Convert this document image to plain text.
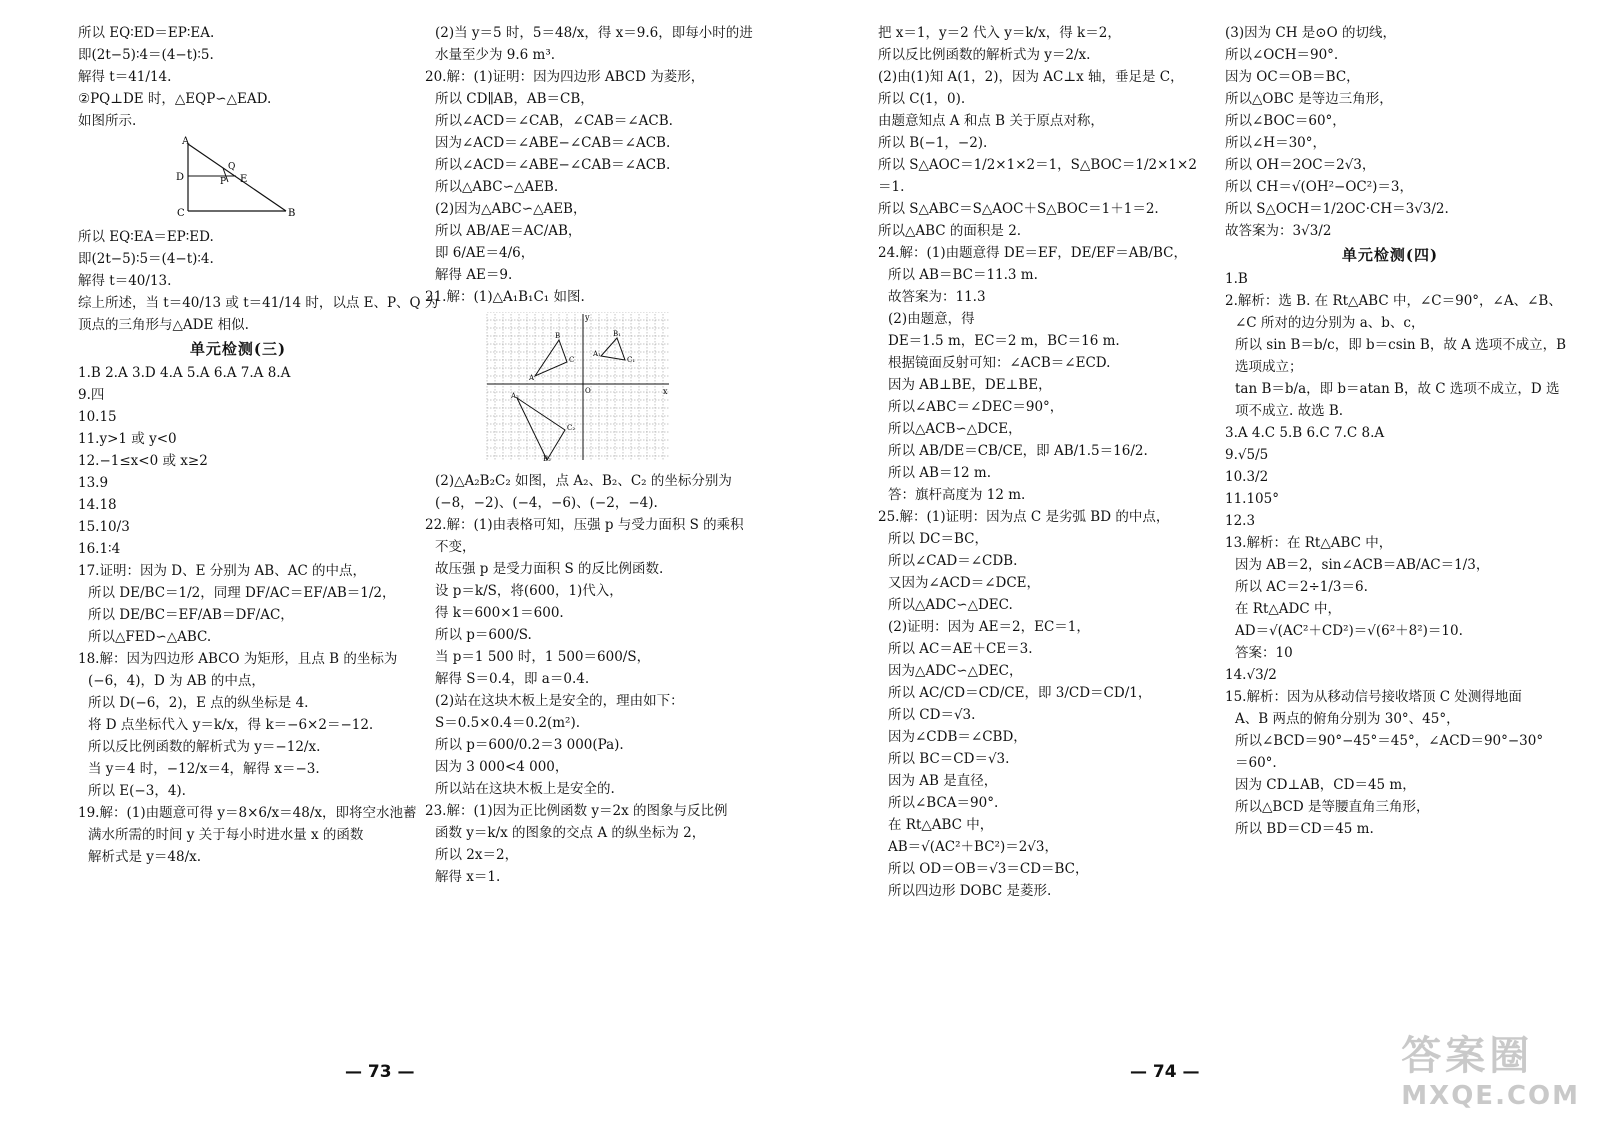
所以 EQ∶ED＝EP∶EA.
即(2t−5)∶4＝(4−t)∶5.
解得 t＝41/14.
②PQ⊥DE 时，△EQP∽△EAD.
如图所示.
A
Q
D	P E
C	B
所以 EQ∶EA＝EP∶ED.
即(2t−5)∶5＝(4−t)∶4.
解得 t＝40/13.
综上所述，当 t＝40/13 或 t＝41/14 时，以点 E、P、Q 为
顶点的三角形与△ADE 相似.
单元检测(三)
1.B 2.A 3.D 4.A 5.A 6.A 7.A 8.A
9.四
10.15
11.y>1 或 y<0
12.−1≤x<0 或 x≥2
13.9
14.18
15.10/3
16.1∶4
17.证明：因为 D、E 分别为 AB、AC 的中点，
所以 DE/BC＝1/2，同理 DF/AC＝EF/AB＝1/2，
所以 DE/BC＝EF/AB＝DF/AC，
所以△FED∽△ABC.
18.解：因为四边形 ABCO 为矩形，且点 B 的坐标为
(−6，4)，D 为 AB 的中点，
所以 D(−6，2)，E 点的纵坐标是 4.
将 D 点坐标代入 y＝k/x，得 k＝−6×2＝−12.
所以反比例函数的解析式为 y＝−12/x.
当 y＝4 时，−12/x＝4，解得 x＝−3.
所以 E(−3，4).
19.解：(1)由题意可得 y＝8×6/x＝48/x，即将空水池蓄
满水所需的时间 y 关于每小时进水量 x 的函数
解析式是 y＝48/x.
(2)当 y＝5 时，5＝48/x，得 x＝9.6，即每小时的进
水量至少为 9.6 m³.
20.解：(1)证明：因为四边形 ABCD 为菱形，
所以 CD∥AB，AB＝CB，
所以∠ACD＝∠CAB，∠CAB＝∠ACB.
因为∠ACD＝∠ABE−∠CAB＝∠ACB.
所以∠ACD＝∠ABE−∠CAB＝∠ACB.
所以△ABC∽△AEB.
(2)因为△ABC∽△AEB，
所以 AB/AE＝AC/AB，
即 6/AE＝4/6，
解得 AE＝9.
21.解：(1)△A₁B₁C₁ 如图.
y
x
O
A₂
B₂
C₂
A
B
C
A₁
B₁
C₁
(2)△A₂B₂C₂ 如图，点 A₂、B₂、C₂ 的坐标分别为
(−8，−2)、(−4，−6)、(−2，−4).
22.解：(1)由表格可知，压强 p 与受力面积 S 的乘积
不变，
故压强 p 是受力面积 S 的反比例函数.
设 p＝k/S，将(600，1)代入，
得 k＝600×1＝600.
所以 p＝600/S.
当 p＝1 500 时，1 500＝600/S，
解得 S＝0.4，即 a＝0.4.
(2)站在这块木板上是安全的，理由如下：
S＝0.5×0.4＝0.2(m²).
所以 p＝600/0.2＝3 000(Pa).
因为 3 000<4 000，
所以站在这块木板上是安全的.
23.解：(1)因为正比例函数 y＝2x 的图象与反比例
函数 y＝k/x 的图象的交点 A 的纵坐标为 2，
所以 2x＝2，
解得 x＝1.
把 x＝1，y＝2 代入 y＝k/x，得 k＝2，
所以反比例函数的解析式为 y＝2/x.
(2)由(1)知 A(1，2)，因为 AC⊥x 轴，垂足是 C，
所以 C(1，0).
由题意知点 A 和点 B 关于原点对称，
所以 B(−1，−2).
所以 S△AOC＝1/2×1×2＝1，S△BOC＝1/2×1×2
＝1.
所以 S△ABC＝S△AOC＋S△BOC＝1＋1＝2.
所以△ABC 的面积是 2.
24.解：(1)由题意得 DE＝EF，DE/EF＝AB/BC，
所以 AB＝BC＝11.3 m.
故答案为：11.3
(2)由题意，得
DE＝1.5 m，EC＝2 m，BC＝16 m.
根据镜面反射可知：∠ACB＝∠ECD.
因为 AB⊥BE，DE⊥BE，
所以∠ABC＝∠DEC＝90°，
所以△ACB∽△DCE，
所以 AB/DE＝CB/CE，即 AB/1.5＝16/2.
所以 AB＝12 m.
答：旗杆高度为 12 m.
25.解：(1)证明：因为点 C 是劣弧 BD 的中点，
所以 DC＝BC，
所以∠CAD＝∠CDB.
又因为∠ACD＝∠DCE，
所以△ADC∽△DEC.
(2)证明：因为 AE＝2，EC＝1，
所以 AC＝AE＋CE＝3.
因为△ADC∽△DEC，
所以 AC/CD＝CD/CE，即 3/CD＝CD/1，
所以 CD＝√3.
因为∠CDB＝∠CBD，
所以 BC＝CD＝√3.
因为 AB 是直径，
所以∠BCA＝90°.
在 Rt△ABC 中，
AB＝√(AC²＋BC²)＝2√3，
所以 OD＝OB＝√3＝CD＝BC，
所以四边形 DOBC 是菱形.
(3)因为 CH 是⊙O 的切线，
所以∠OCH＝90°.
因为 OC＝OB＝BC，
所以△OBC 是等边三角形，
所以∠BOC＝60°，
所以∠H＝30°，
所以 OH＝2OC＝2√3，
所以 CH＝√(OH²−OC²)＝3，
所以 S△OCH＝1/2OC·CH＝3√3/2.
故答案为：3√3/2
单元检测(四)
1.B
2.解析：选 B. 在 Rt△ABC 中，∠C＝90°，∠A、∠B、
∠C 所对的边分别为 a、b、c，
所以 sin B＝b/c，即 b＝csin B，故 A 选项不成立，B
选项成立；
tan B＝b/a，即 b＝atan B，故 C 选项不成立，D 选
项不成立. 故选 B.
3.A 4.C 5.B 6.C 7.C 8.A
9.√5/5
10.3/2
11.105°
12.3
13.解析：在 Rt△ABC 中，
因为 AB＝2，sin∠ACB＝AB/AC＝1/3，
所以 AC＝2÷1/3＝6.
在 Rt△ADC 中，
AD＝√(AC²＋CD²)＝√(6²＋8²)＝10.
答案：10
14.√3/2
15.解析：因为从移动信号接收塔顶 C 处测得地面
A、B 两点的俯角分别为 30°、45°，
所以∠BCD＝90°−45°＝45°，∠ACD＝90°−30°
＝60°.
因为 CD⊥AB，CD＝45 m，
所以△BCD 是等腰直角三角形，
所以 BD＝CD＝45 m.
— 73 —	— 74 —	答案圈
MXQE.COM
